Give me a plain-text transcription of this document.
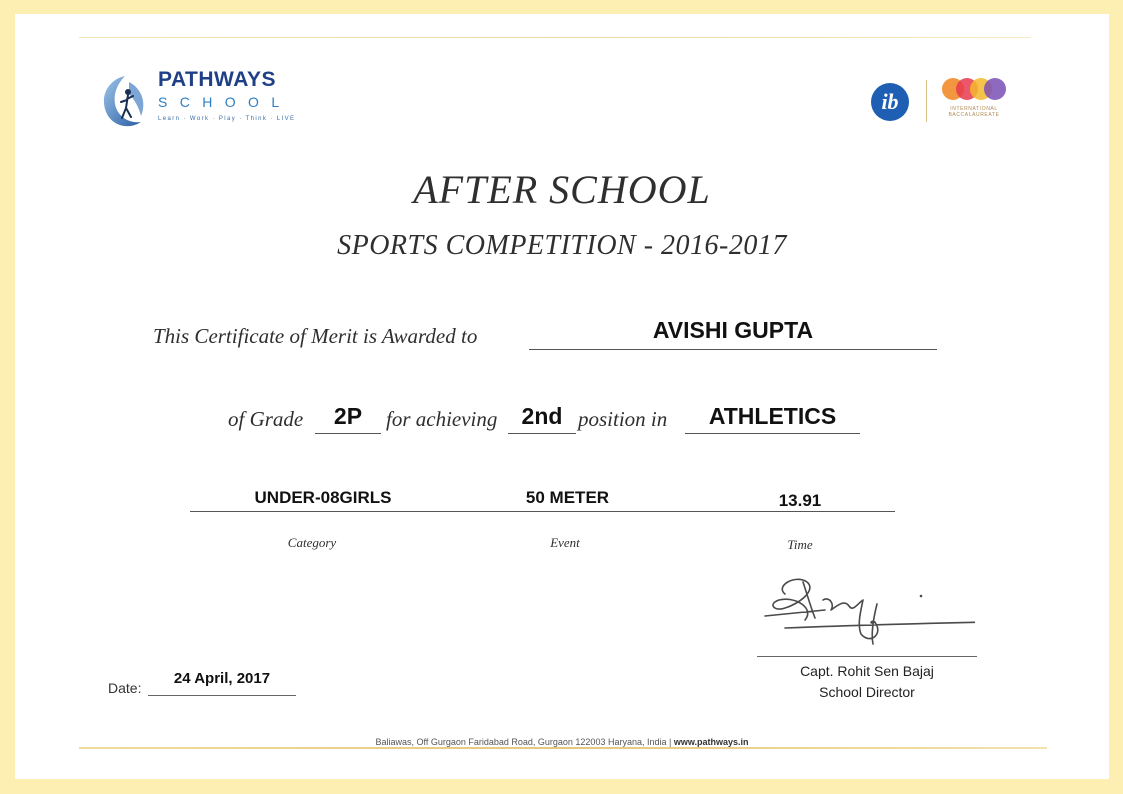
PATHWAYS
SCHOOL
Learn · Work · Play · Think · LIVE
ib	INTERNATIONAL BACCALAUREATE
AFTER SCHOOL
SPORTS COMPETITION - 2016-2017
This Certificate of Merit is Awarded to	AVISHI GUPTA
of Grade	2P	for achieving	2nd position in	ATHLETICS
UNDER-08GIRLS	50 METER	13.91
Category	Event	Time
Capt. Rohit Sen Bajaj
School Director
Date:
24 April, 2017
Baliawas, Off Gurgaon Faridabad Road, Gurgaon 122003 Haryana, India | www.pathways.in
